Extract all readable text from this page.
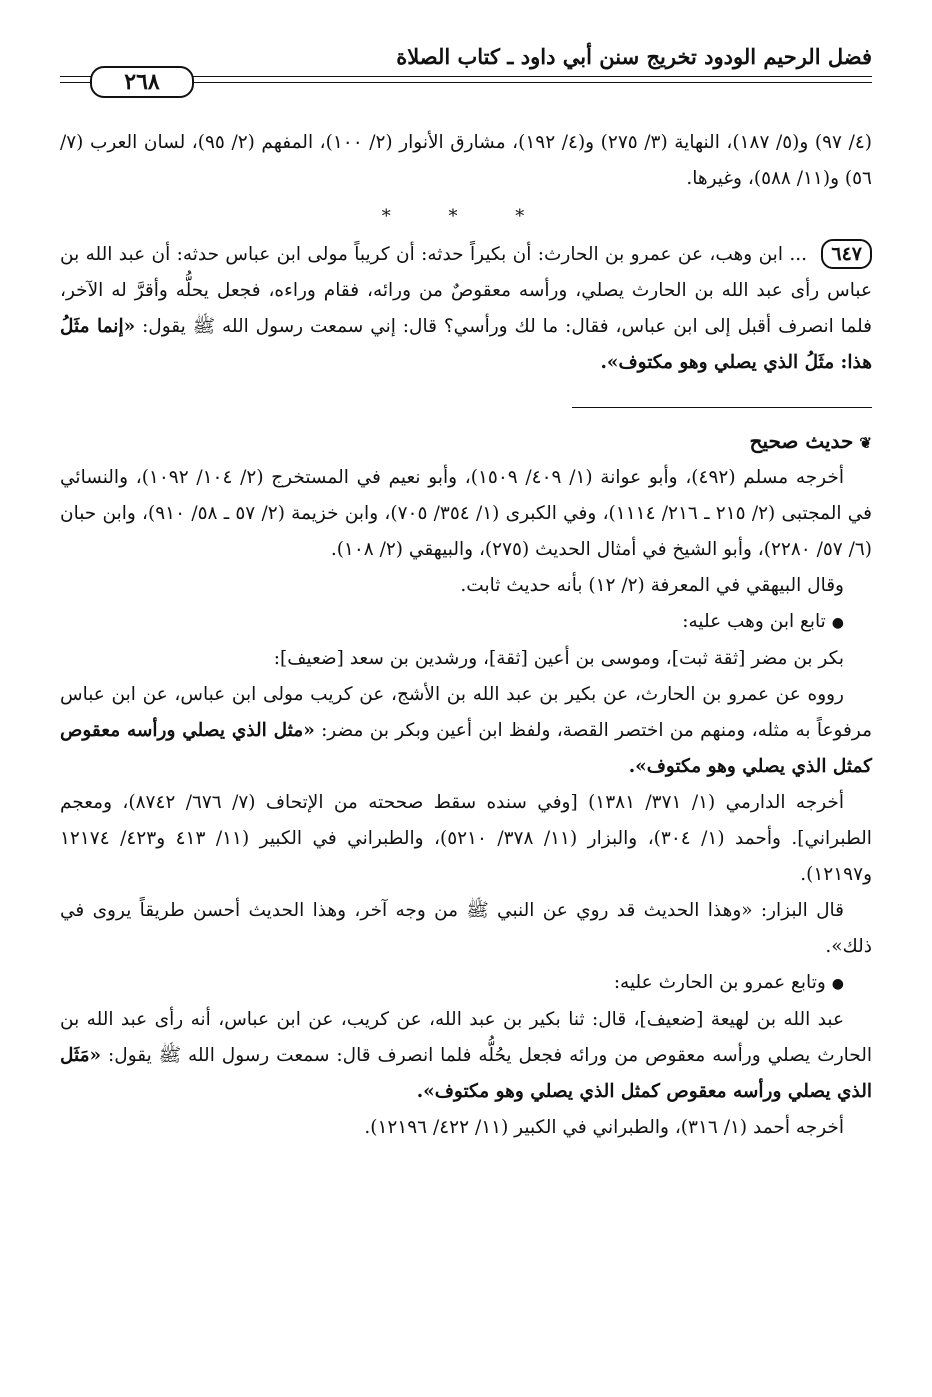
فضل الرحيم الودود تخريج سنن أبي داود ـ كتاب الصلاة
٢٦٨

(٤/ ٩٧) و(٥/ ١٨٧)، النهاية (٣/ ٢٧٥) و(٤/ ١٩٢)، مشارق الأنوار (٢/ ١٠٠)، المفهم (٢/ ٩٥)، لسان العرب (٧/ ٥٦) و(١١/ ٥٨٨)، وغيرها.

* * *

٦٤٧ ... ابن وهب، عن عمرو بن الحارث: أن بكيراً حدثه: أن كريباً مولى ابن عباس حدثه: أن عبد الله بن عباس رأى عبد الله بن الحارث يصلي، ورأسه معقوصٌ من ورائه، فقام وراءه، فجعل يحلُّه وأقرَّ له الآخر، فلما انصرف أقبل إلى ابن عباس، فقال: ما لك ورأسي؟ قال: إني سمعت رسول الله ﷺ يقول: «إنما مثَلُ هذا: مثَلُ الذي يصلي وهو مكتوف».

❦حديث صحيح

أخرجه مسلم (٤٩٢)، وأبو عوانة (١/ ٤٠٩/ ١٥٠٩)، وأبو نعيم في المستخرج (٢/ ١٠٤/ ١٠٩٢)، والنسائي في المجتبى (٢/ ٢١٥ ـ ٢١٦/ ١١١٤)، وفي الكبرى (١/ ٣٥٤/ ٧٠٥)، وابن خزيمة (٢/ ٥٧ ـ ٥٨/ ٩١٠)، وابن حبان (٦/ ٥٧/ ٢٢٨٠)، وأبو الشيخ في أمثال الحديث (٢٧٥)، والبيهقي (٢/ ١٠٨).

وقال البيهقي في المعرفة (٢/ ١٢) بأنه حديث ثابت.

●تابع ابن وهب عليه:

بكر بن مضر [ثقة ثبت]، وموسى بن أعين [ثقة]، ورشدين بن سعد [ضعيف]:

رووه عن عمرو بن الحارث، عن بكير بن عبد الله بن الأشج، عن كريب مولى ابن عباس، عن ابن عباس مرفوعاً به مثله، ومنهم من اختصر القصة، ولفظ ابن أعين وبكر بن مضر: «مثل الذي يصلي ورأسه معقوص كمثل الذي يصلي وهو مكتوف».

أخرجه الدارمي (١/ ٣٧١/ ١٣٨١) [وفي سنده سقط صححته من الإتحاف (٧/ ٦٧٦/ ٨٧٤٢)، ومعجم الطبراني]. وأحمد (١/ ٣٠٤)، والبزار (١١/ ٣٧٨/ ٥٢١٠)، والطبراني في الكبير (١١/ ٤١٣ و٤٢٣/ ١٢١٧٤ و١٢١٩٧).

قال البزار: «وهذا الحديث قد روي عن النبي ﷺ من وجه آخر، وهذا الحديث أحسن طريقاً يروى في ذلك».

●وتابع عمرو بن الحارث عليه:

عبد الله بن لهيعة [ضعيف]، قال: ثنا بكير بن عبد الله، عن كريب، عن ابن عباس، أنه رأى عبد الله بن الحارث يصلي ورأسه معقوص من ورائه فجعل يحُلُّه فلما انصرف قال: سمعت رسول الله ﷺ يقول: «مَثَل الذي يصلي ورأسه معقوص كمثل الذي يصلي وهو مكتوف».

أخرجه أحمد (١/ ٣١٦)، والطبراني في الكبير (١١/ ٤٢٢/ ١٢١٩٦).
